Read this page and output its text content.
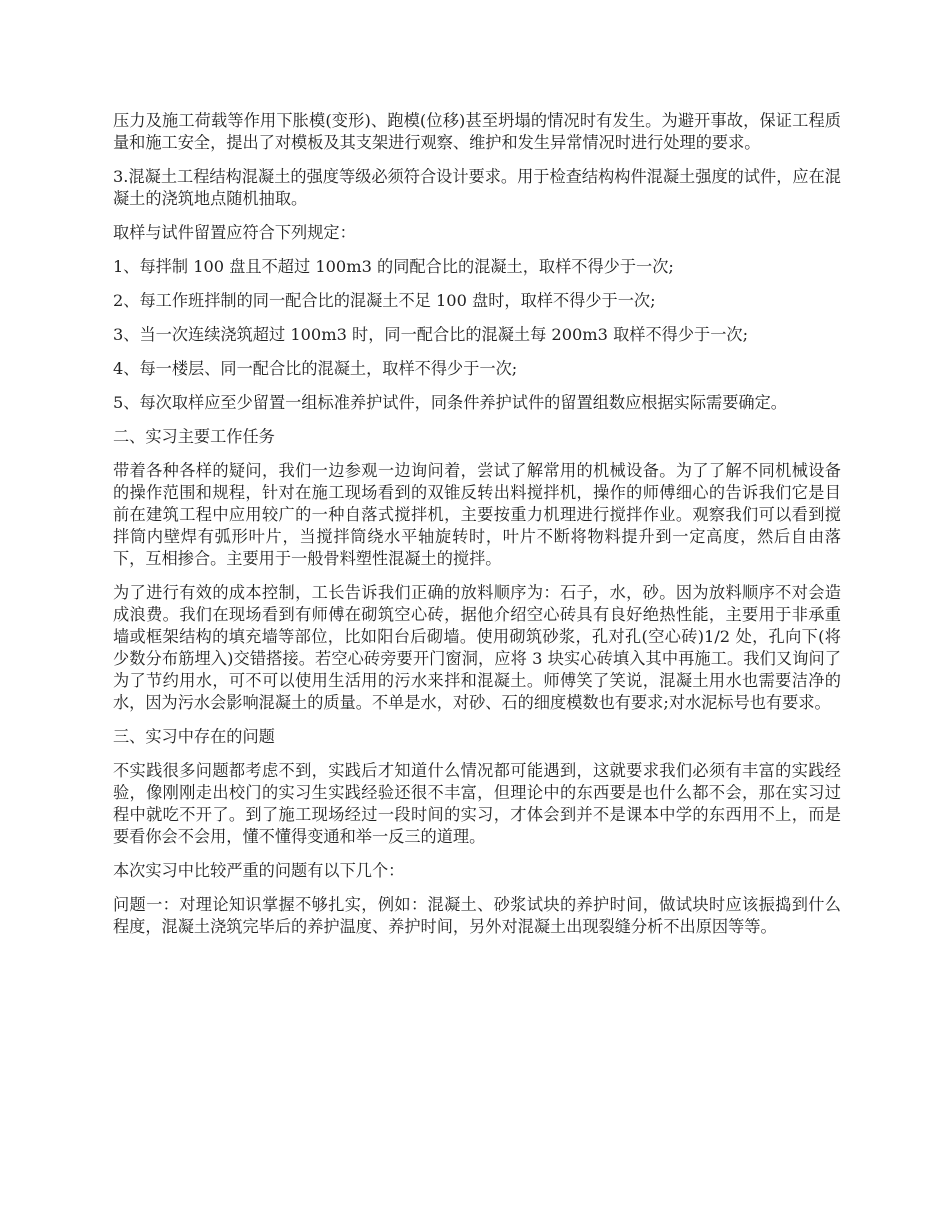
压力及施工荷载等作用下胀模(变形)、跑模(位移)甚至坍塌的情况时有发生。为避开事故，保证工程质量和施工安全，提出了对模板及其支架进行观察、维护和发生异常情况时进行处理的要求。

3.混凝土工程结构混凝土的强度等级必须符合设计要求。用于检查结构构件混凝土强度的试件，应在混凝土的浇筑地点随机抽取。

取样与试件留置应符合下列规定：

1、每拌制 100 盘且不超过 100m3 的同配合比的混凝土，取样不得少于一次;

2、每工作班拌制的同一配合比的混凝土不足 100 盘时，取样不得少于一次;

3、当一次连续浇筑超过 100m3 时，同一配合比的混凝土每 200m3 取样不得少于一次;

4、每一楼层、同一配合比的混凝土，取样不得少于一次;

5、每次取样应至少留置一组标准养护试件，同条件养护试件的留置组数应根据实际需要确定。

二、实习主要工作任务

带着各种各样的疑问，我们一边参观一边询问着，尝试了解常用的机械设备。为了了解不同机械设备的操作范围和规程，针对在施工现场看到的双锥反转出料搅拌机，操作的师傅细心的告诉我们它是目前在建筑工程中应用较广的一种自落式搅拌机，主要按重力机理进行搅拌作业。观察我们可以看到搅拌筒内壁焊有弧形叶片，当搅拌筒绕水平轴旋转时，叶片不断将物料提升到一定高度，然后自由落下，互相掺合。主要用于一般骨料塑性混凝土的搅拌。

为了进行有效的成本控制，工长告诉我们正确的放料顺序为：石子，水，砂。因为放料顺序不对会造成浪费。我们在现场看到有师傅在砌筑空心砖，据他介绍空心砖具有良好绝热性能，主要用于非承重墙或框架结构的填充墙等部位，比如阳台后砌墙。使用砌筑砂浆，孔对孔(空心砖)1/2 处，孔向下(将少数分布筋埋入)交错搭接。若空心砖旁要开门窗洞，应将 3 块实心砖填入其中再施工。我们又询问了为了节约用水，可不可以使用生活用的污水来拌和混凝土。师傅笑了笑说，混凝土用水也需要洁净的水，因为污水会影响混凝土的质量。不单是水，对砂、石的细度模数也有要求;对水泥标号也有要求。

三、实习中存在的问题

不实践很多问题都考虑不到，实践后才知道什么情况都可能遇到，这就要求我们必须有丰富的实践经验，像刚刚走出校门的实习生实践经验还很不丰富，但理论中的东西要是也什么都不会，那在实习过程中就吃不开了。到了施工现场经过一段时间的实习，才体会到并不是课本中学的东西用不上，而是要看你会不会用，懂不懂得变通和举一反三的道理。

本次实习中比较严重的问题有以下几个：

问题一：对理论知识掌握不够扎实，例如：混凝土、砂浆试块的养护时间，做试块时应该振捣到什么程度，混凝土浇筑完毕后的养护温度、养护时间，另外对混凝土出现裂缝分析不出原因等等。
